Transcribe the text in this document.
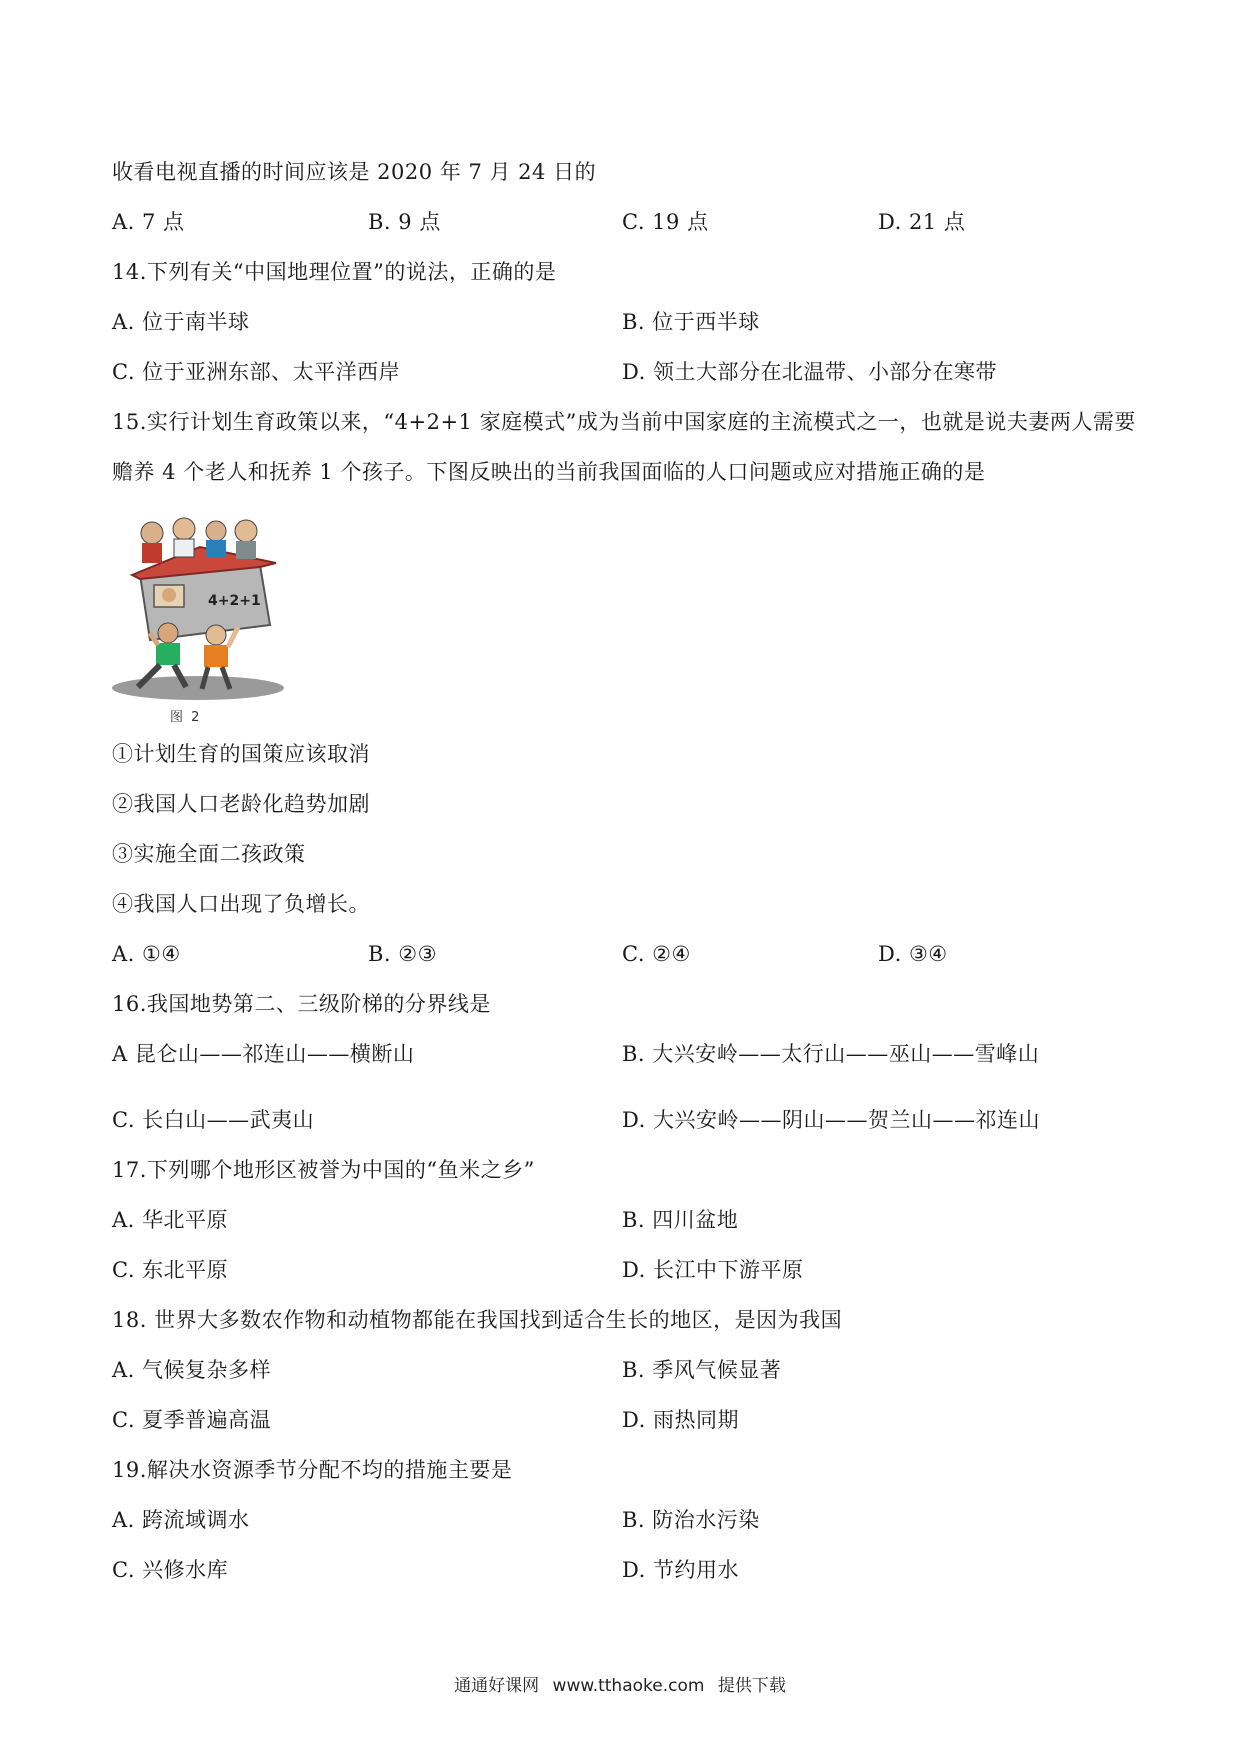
收看电视直播的时间应该是 2020 年 7 月 24 日的
A. 7 点	B. 9 点	C. 19 点	D. 21 点
14.下列有关“中国地理位置”的说法，正确的是
A. 位于南半球	B. 位于西半球
C. 位于亚洲东部、太平洋西岸	D. 领土大部分在北温带、小部分在寒带
15.实行计划生育政策以来，“4+2+1 家庭模式”成为当前中国家庭的主流模式之一，也就是说夫妻两人需要
赡养 4 个老人和抚养 1 个孩子。下图反映出的当前我国面临的人口问题或应对措施正确的是
4+2+1
图 2
①计划生育的国策应该取消
②我国人口老龄化趋势加剧
③实施全面二孩政策
④我国人口出现了负增长。
A. ①④	B. ②③	C. ②④	D. ③④
16.我国地势第二、三级阶梯的分界线是
A 昆仑山——祁连山——横断山	B. 大兴安岭——太行山——巫山——雪峰山
C. 长白山——武夷山	D. 大兴安岭——阴山——贺兰山——祁连山
17.下列哪个地形区被誉为中国的“鱼米之乡”
A. 华北平原	B. 四川盆地
C. 东北平原	D. 长江中下游平原
18. 世界大多数农作物和动植物都能在我国找到适合生长的地区，是因为我国
A. 气候复杂多样	B. 季风气候显著
C. 夏季普遍高温	D. 雨热同期
19.解决水资源季节分配不均的措施主要是
A. 跨流域调水	B. 防治水污染
C. 兴修水库	D. 节约用水
通通好课网 www.tthaoke.com 提供下载
